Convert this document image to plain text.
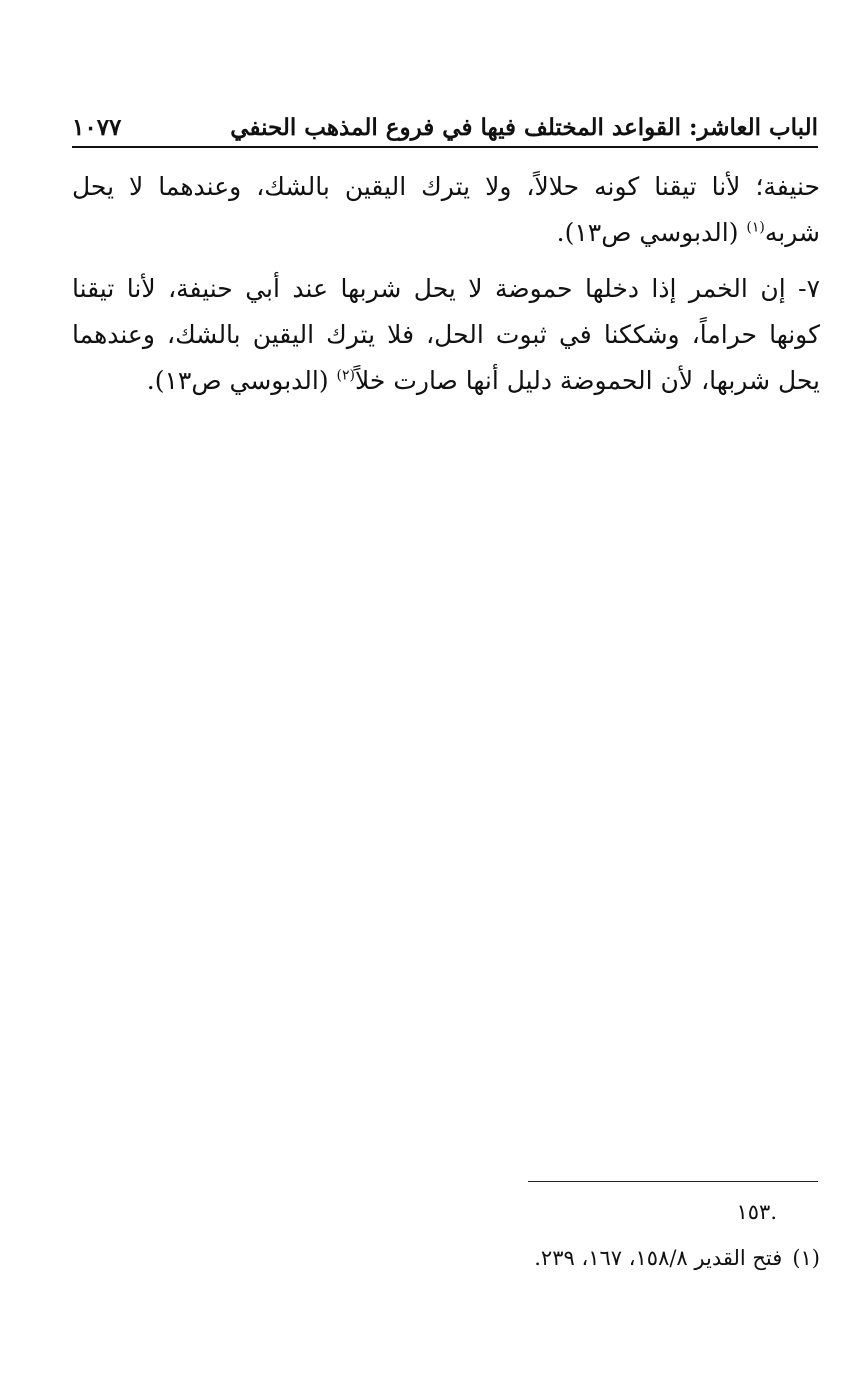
الباب العاشر: القواعد المختلف فيها في فروع المذهب الحنفي
١٠٧٧

حنيفة؛ لأنا تيقنا كونه حلالاً، ولا يترك اليقين بالشك، وعندهما لا يحل شربه$^{(١)}$ (الدبوسي ص١٣).

٧- إن الخمر إذا دخلها حموضة لا يحل شربها عند أبي حنيفة، لأنا تيقنا كونها حراماً، وشككنا في ثبوت الحل، فلا يترك اليقين بالشك، وعندهما يحل شربها، لأن الحموضة دليل أنها صارت خلاً$^{(٢)}$ (الدبوسي ص١٣).

.١٥٣
(١)فتح القدير ١٥٨/٨، ١٦٧، ٢٣٩.
